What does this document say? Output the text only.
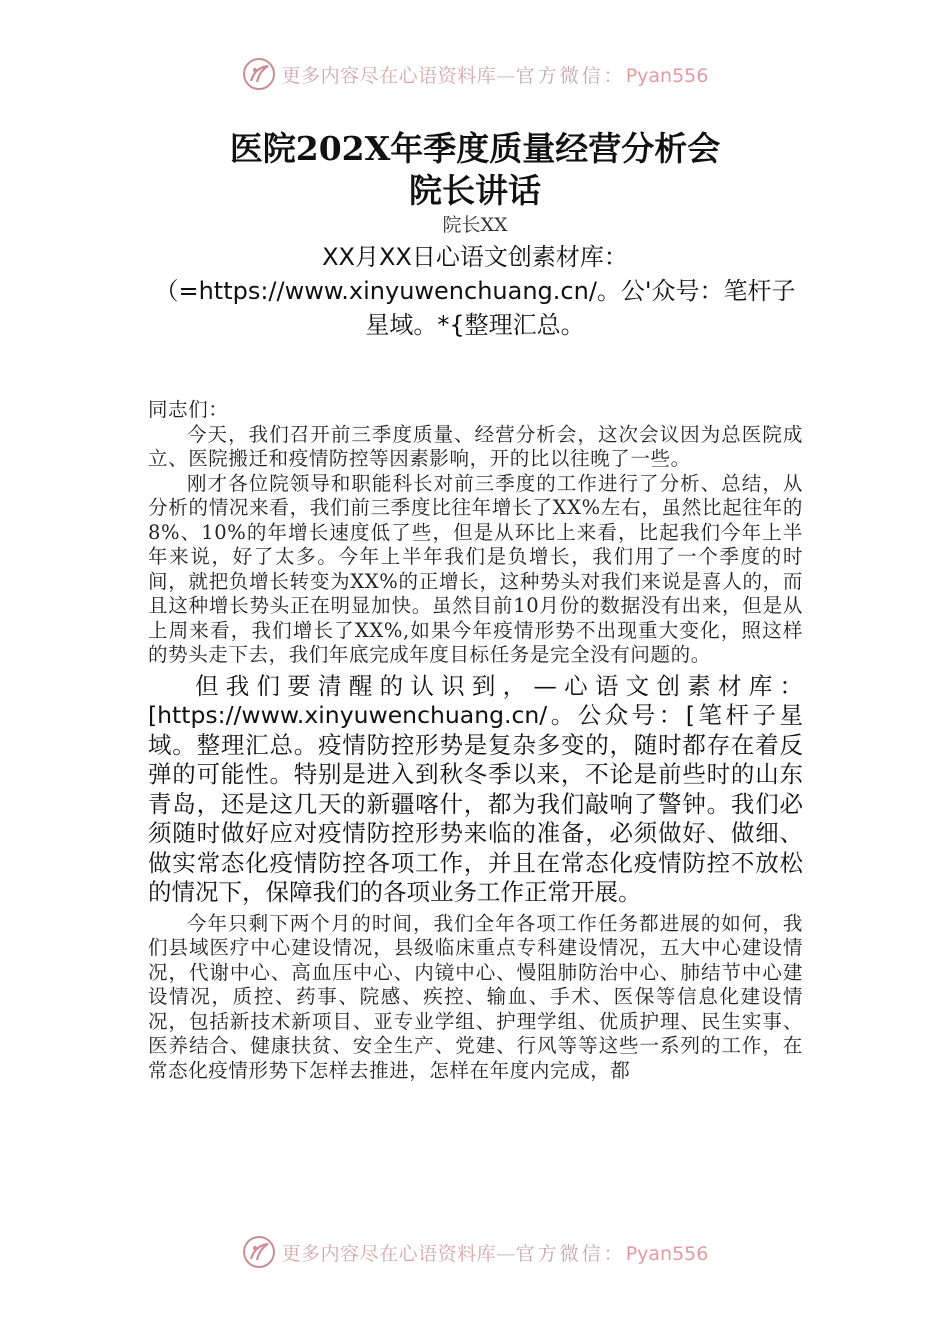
更多内容尽在心语资料库—官方微信：Pyan556
医院202X年季度质量经营分析会
院长讲话
院长XX
XX月XX日心语文创素材库：（=https://www.xinyuwenchuang.cn/。公'众号：笔杆子星域。*{整理汇总。

同志们：

今天，我们召开前三季度质量、经营分析会，这次会议因为总医院成立、医院搬迁和疫情防控等因素影响，开的比以往晚了一些。

刚才各位院领导和职能科长对前三季度的工作进行了分析、总结，从分析的情况来看，我们前三季度比往年增长了XX%左右，虽然比起往年的8%、10%的年增长速度低了些，但是从环比上来看，比起我们今年上半年来说，好了太多。今年上半年我们是负增长，我们用了一个季度的时间，就把负增长转变为XX%的正增长，这种势头对我们来说是喜人的，而且这种增长势头正在明显加快。虽然目前10月份的数据没有出来，但是从上周来看，我们增长了XX%,如果今年疫情形势不出现重大变化，照这样的势头走下去，我们年底完成年度目标任务是完全没有问题的。

但我们要清醒的认识到，—心语文创素材库：[https://www.xinyuwenchuang.cn/。公众号：[笔杆子星域。整理汇总。疫情防控形势是复杂多变的，随时都存在着反弹的可能性。特别是进入到秋冬季以来，不论是前些时的山东青岛，还是这几天的新疆喀什，都为我们敲响了警钟。我们必须随时做好应对疫情防控形势来临的准备，必须做好、做细、做实常态化疫情防控各项工作，并且在常态化疫情防控不放松的情况下，保障我们的各项业务工作正常开展。

今年只剩下两个月的时间，我们全年各项工作任务都进展的如何，我们县域医疗中心建设情况，县级临床重点专科建设情况，五大中心建设情况，代谢中心、高血压中心、内镜中心、慢阻肺防治中心、肺结节中心建设情况，质控、药事、院感、疾控、输血、手术、医保等信息化建设情况，包括新技术新项目、亚专业学组、护理学组、优质护理、民生实事、医养结合、健康扶贫、安全生产、党建、行风等等这些一系列的工作，在常态化疫情形势下怎样去推进，怎样在年度内完成，都

更多内容尽在心语资料库—官方微信：Pyan556
